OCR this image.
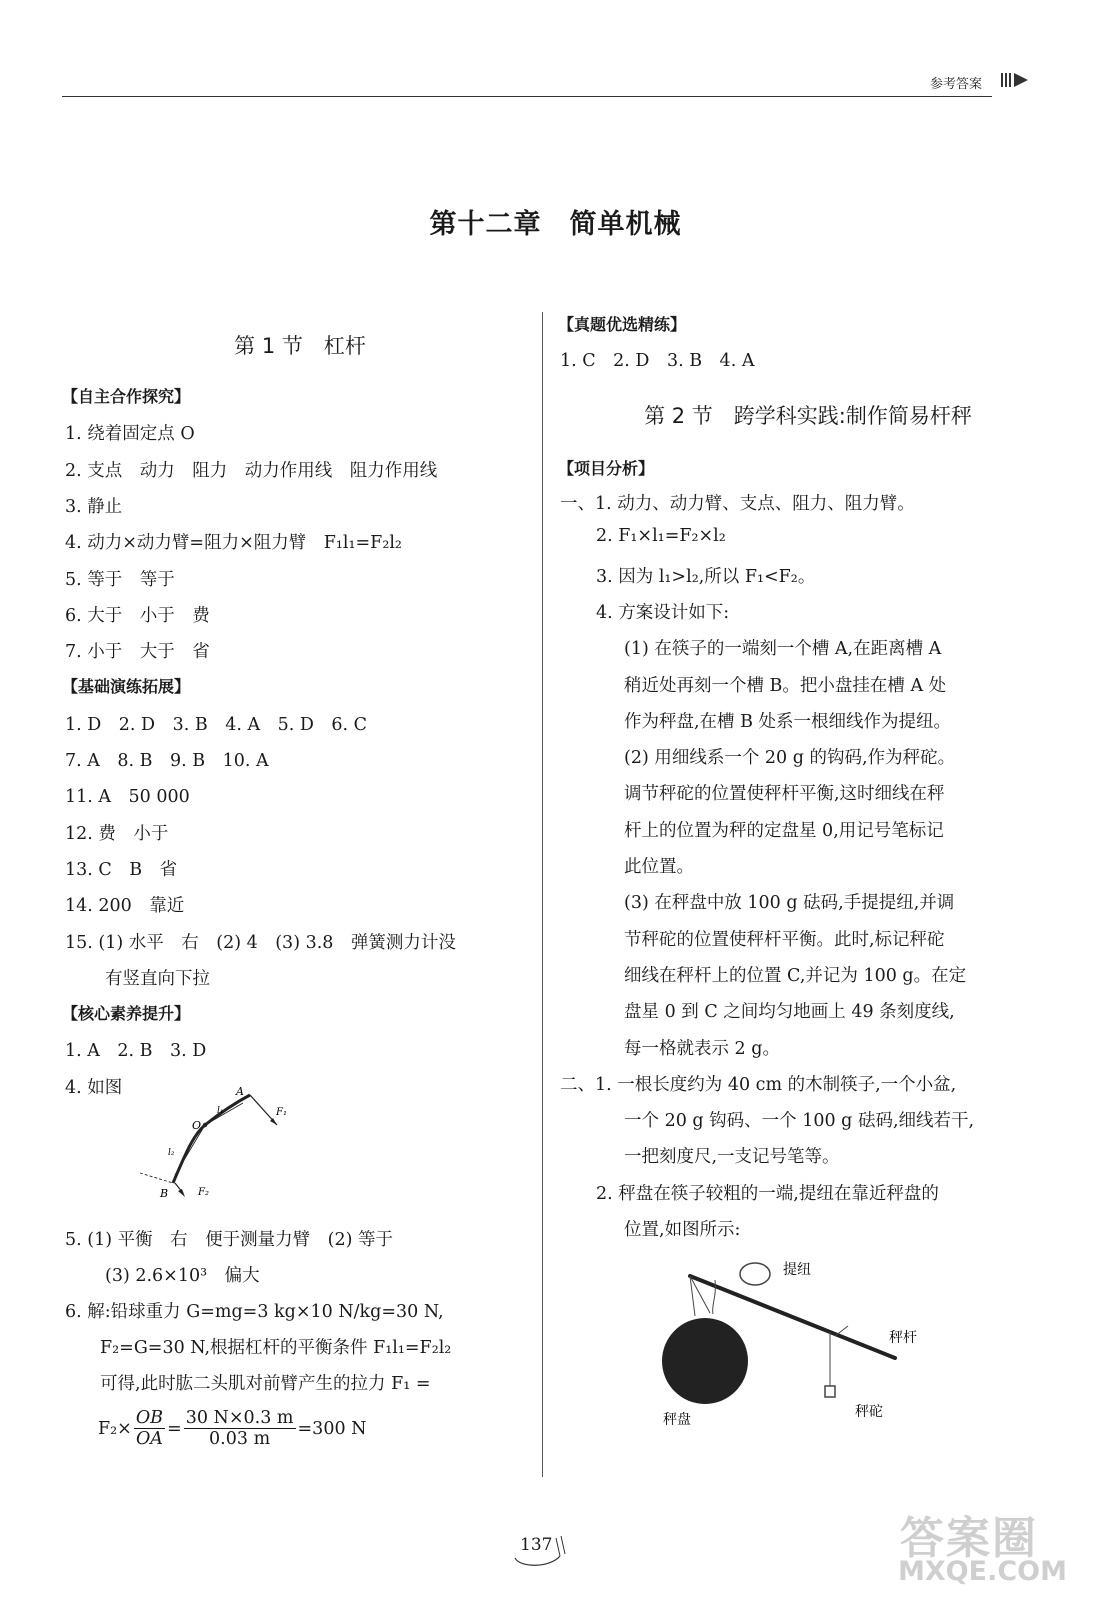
参考答案
第十二章　简单机械
第 1 节　杠杆
【自主合作探究】
1. 绕着固定点 O
2. 支点　动力　阻力　动力作用线　阻力作用线
3. 静止
4. 动力×动力臂=阻力×阻力臂　F₁l₁=F₂l₂
5. 等于　等于
6. 大于　小于　费
7. 小于　大于　省
【基础演练拓展】
1. D　2. D　3. B　4. A　5. D　6. C
7. A　8. B　9. B　10. A
11. A　50 000
12. 费　小于
13. C　B　省
14. 200　靠近
15. (1) 水平　右　(2) 4　(3) 3.8　弹簧测力计没
有竖直向下拉
【核心素养提升】
1. A　2. B　3. D
4. 如图	A
O
B
F₁
F₂
l₁
l₂
5. (1) 平衡　右　便于测量力臂　(2) 等于
(3) 2.6×10³　偏大
6. 解:铅球重力 G=mg=3 kg×10 N/kg=30 N,
F₂=G=30 N,根据杠杆的平衡条件 F₁l₁=F₂l₂
可得,此时肱二头肌对前臂产生的拉力 F₁ =
$F_2\times \frac{OB}{OA} = \frac{30 N\times 0.3 m}{0.03 m} =300$ N
【真题优选精练】
1. C　2. D　3. B　4. A
第 2 节　跨学科实践:制作简易杆秤
【项目分析】
一、1. 动力、动力臂、支点、阻力、阻力臂。
2. F₁×l₁=F₂×l₂
3. 因为 l₁>l₂,所以 F₁<F₂。
4. 方案设计如下:
(1) 在筷子的一端刻一个槽 A,在距离槽 A
稍近处再刻一个槽 B。把小盘挂在槽 A 处
作为秤盘,在槽 B 处系一根细线作为提纽。
(2) 用细线系一个 20 g 的钩码,作为秤砣。
调节秤砣的位置使秤杆平衡,这时细线在秤
杆上的位置为秤的定盘星 0,用记号笔标记
此位置。
(3) 在秤盘中放 100 g 砝码,手提提纽,并调
节秤砣的位置使秤杆平衡。此时,标记秤砣
细线在秤杆上的位置 C,并记为 100 g。在定
盘星 0 到 C 之间均匀地画上 49 条刻度线,
每一格就表示 2 g。
二、1. 一根长度约为 40 cm 的木制筷子,一个小盆,
一个 20 g 钩码、一个 100 g 砝码,细线若干,
一把刻度尺,一支记号笔等。
2. 秤盘在筷子较粗的一端,提纽在靠近秤盘的
位置,如图所示:
提纽
秤杆
秤盘	秤砣
137	答案圈
MXQE.COM
